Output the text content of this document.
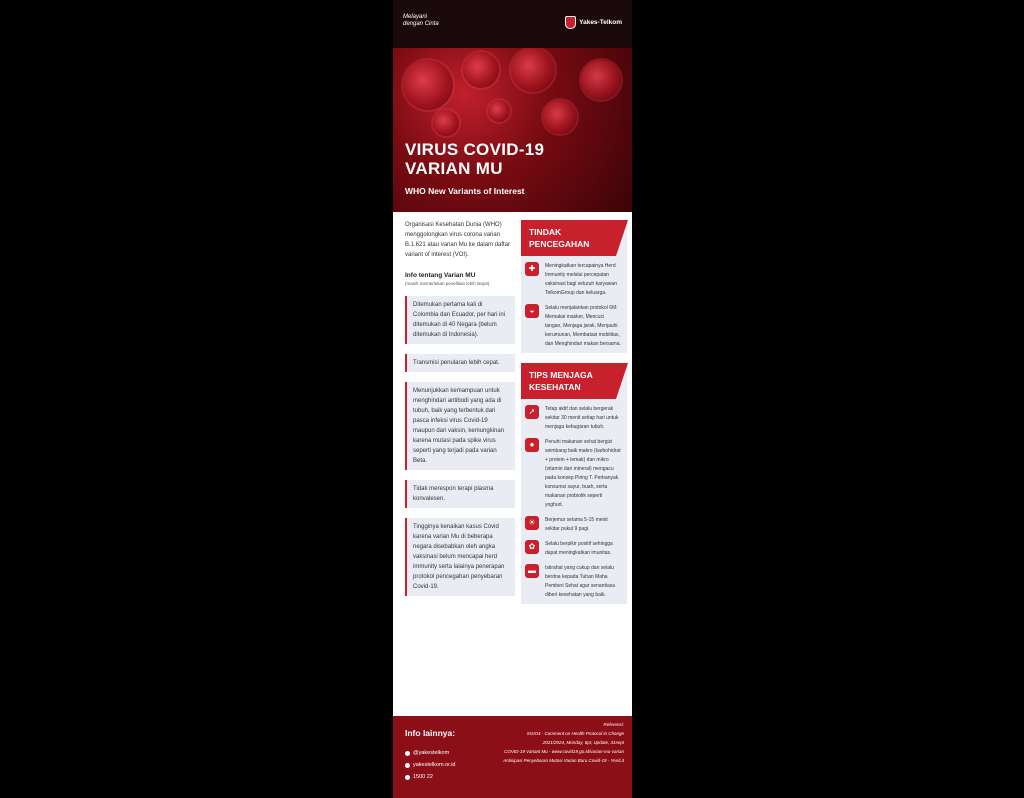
Melayani
dengan Cinta	Yakes-Telkom
VIRUS COVID-19
VARIAN MU
WHO New Variants of Interest

Organisasi Kesehatan Dunia (WHO) menggolongkan virus corona varian B.1.621 atau varian Mu ke dalam daftar variant of interest (VOI).

Info tentang Varian MU

(masih memerlukan penelitian lebih lanjut)

Ditemukan pertama kali di Colombia dan Ecuador, per hari ini ditemukan di 40 Negara (belum ditemukan di Indonesia).
Transmisi penularan lebih cepat.
Menunjukkan kemampuan untuk menghindari antibodi yang ada di tubuh, baik yang terbentuk dari pasca infeksi virus Covid-19 maupun dari vaksin, kemungkinan karena mutasi pada spike virus seperti yang terjadi pada varian Beta.
Tidak merespon terapi plasma konvalesen.
Tingginya kenaikan kasus Covid karena varian Mu di beberapa negara disebabkan oleh angka vaksinasi belum mencapai herd immunity serta lalainya penerapan protokol pencegahan penyebaran Covid-19.
TINDAK
PENCEGAHAN
✚	Meningkatkan tercapainya Herd Immunity melalui percepatan vaksinasi bagi seluruh karyawan TelkomGroup dan keluarga.
◒	Selalu menjalankan protokol 6M: Memakai masker, Mencuci tangan, Menjaga jarak, Menjauhi kerumunan, Membatasi mobilitas, dan Menghindari makan bersama.
TIPS MENJAGA
KESEHATAN
➚	Tetap aktif dan selalu bergerak sekitar 30 menit setiap hari untuk menjaga kebugaran tubuh.
●	Penuhi makanan sehat bergizi seimbang baik makro (karbohidrat + protein + lemak) dan mikro (vitamin dan mineral) mengacu pada konsep Piring T. Perbanyak konsumsi sayur, buah, serta makanan probiotik seperti yoghurt.
☀	Berjemur selama 5-15 menit sekitar pukul 9 pagi.
✿	Selalu berpikir positif sehingga dapat meningkatkan imunitas.
▬	Istirahat yang cukup dan selalu berdoa kepada Tuhan Maha Pemberi Sehat agar senantiasa diberi kesehatan yang baik.
Info lainnya:
@yakestelkom
yakestelkom.or.id
1500 22
Referensi:
SGIO4 - Comment on Health Protocol in Change
2021/2024, Monday, 6pt, Update, 31sept
COVID-19 Variant Mu - www.covid19.go.id/varian-mu-varian
Antisipasi Penyebaran Mutasi Varian Baru Covid-19 - Yes/Lit
